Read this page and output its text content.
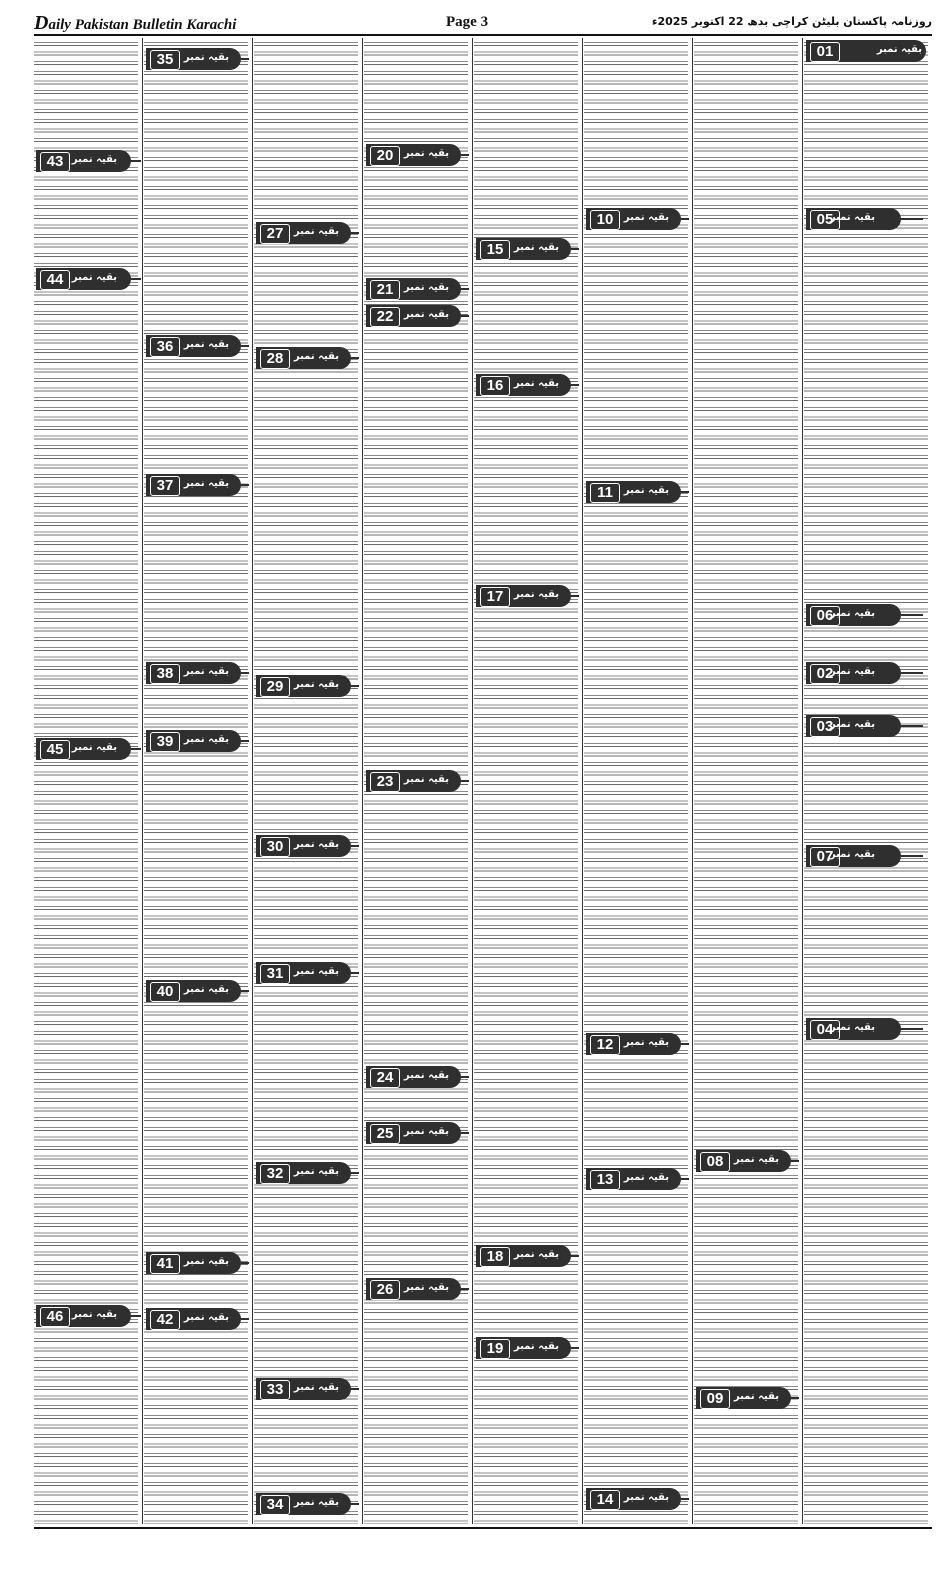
Daily Pakistan Bulletin Karachi	Page 3	روزنامہ پاکستان بلیٹن کراچی بدھ 22 اکتوبر 2025ء
01	بقیہ نمبر
02
بقیہ نمبر
03
بقیہ نمبر
04
بقیہ نمبر
05
بقیہ نمبر
06
بقیہ نمبر
07
بقیہ نمبر
08	بقیہ نمبر
09	بقیہ نمبر
10	بقیہ نمبر
11	بقیہ نمبر
12	بقیہ نمبر
13	بقیہ نمبر
14	بقیہ نمبر
15	بقیہ نمبر
16	بقیہ نمبر
17	بقیہ نمبر
18	بقیہ نمبر
19	بقیہ نمبر
20	بقیہ نمبر
21	بقیہ نمبر
22	بقیہ نمبر
23	بقیہ نمبر
24	بقیہ نمبر
25	بقیہ نمبر
26	بقیہ نمبر
27	بقیہ نمبر
28	بقیہ نمبر
29	بقیہ نمبر
30	بقیہ نمبر
31	بقیہ نمبر
32	بقیہ نمبر
33	بقیہ نمبر
34	بقیہ نمبر
35	بقیہ نمبر
36	بقیہ نمبر
37	بقیہ نمبر
38	بقیہ نمبر
39	بقیہ نمبر
40	بقیہ نمبر
41	بقیہ نمبر
42	بقیہ نمبر
43 بقیہ نمبر
44 بقیہ نمبر
45 بقیہ نمبر
46 بقیہ نمبر
